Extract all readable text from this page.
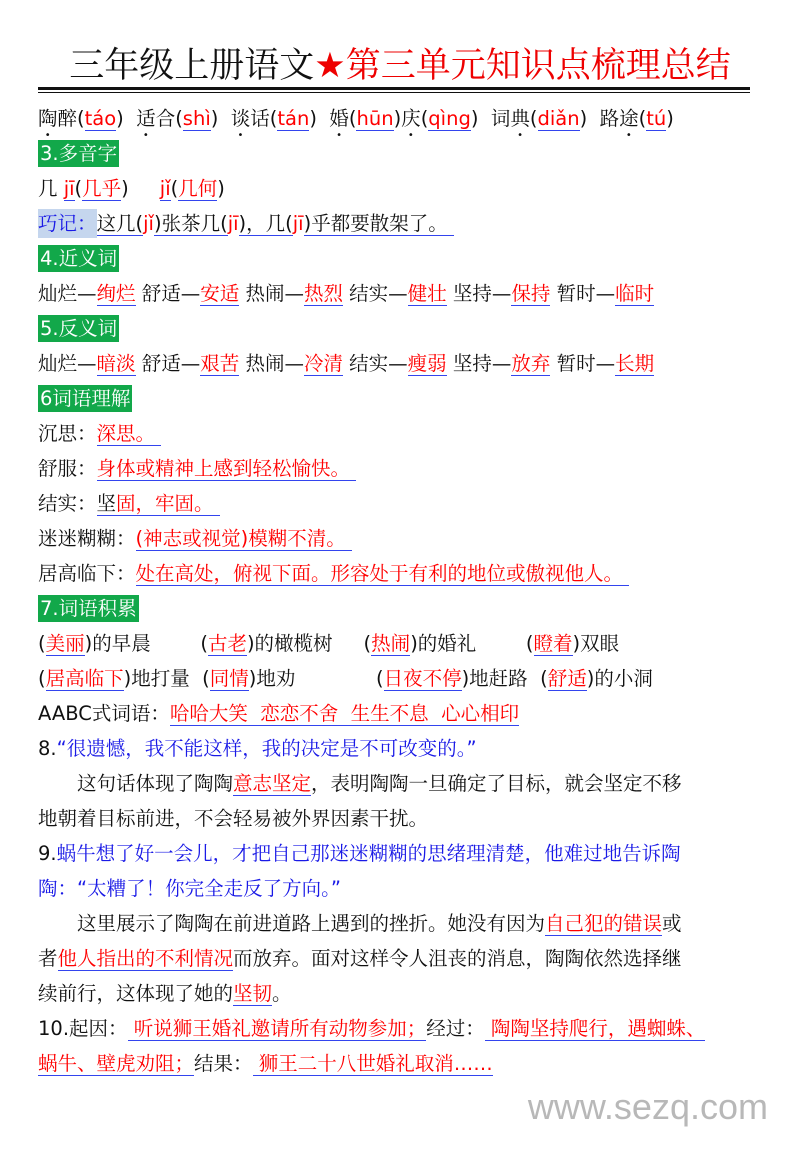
三年级上册语文★第三单元知识点梳理总结
陶醉(táo)  适合(shì)  谈话(tán)  婚(hūn)庆(qìng)  词典(diǎn)  路途(tú)
3.多音字
几 jī(几乎)     jǐ(几何)
巧记：这几(jǐ)张茶几(jī)，几(jī)乎都要散架了。
4.近义词
灿烂—绚烂 舒适—安适 热闹—热烈 结实—健壮 坚持—保持 暂时—临时
5.反义词
灿烂—暗淡 舒适—艰苦 热闹—冷清 结实—瘦弱 坚持—放弃 暂时—长期
6词语理解
沉思：深思。
舒服：身体或精神上感到轻松愉快。
结实：坚固，牢固。
迷迷糊糊：(神志或视觉)模糊不清。
居高临下：处在高处，俯视下面。形容处于有利的地位或傲视他人。
7.词语积累
(美丽)的早晨        (古老)的橄榄树     (热闹)的婚礼        (瞪着)双眼
(居高临下)地打量  (同情)地劝             (日夜不停)地赶路  (舒适)的小洞
AABC式词语：哈哈大笑  恋恋不舍  生生不息  心心相印
8.“很遗憾，我不能这样，我的决定是不可改变的。”
这句话体现了陶陶意志坚定，表明陶陶一旦确定了目标，就会坚定不移
地朝着目标前进，不会轻易被外界因素干扰。
9.蜗牛想了好一会儿，才把自己那迷迷糊糊的思绪理清楚，他难过地告诉陶
陶：“太糟了！你完全走反了方向。”
这里展示了陶陶在前进道路上遇到的挫折。她没有因为自己犯的错误或
者他人指出的不利情况而放弃。面对这样令人沮丧的消息，陶陶依然选择继
续前行，这体现了她的坚韧。
10.起因： 听说狮王婚礼邀请所有动物参加；经过： 陶陶坚持爬行，遇蜘蛛、
蜗牛、壁虎劝阻；结果： 狮王二十八世婚礼取消……
www.sezq.com
